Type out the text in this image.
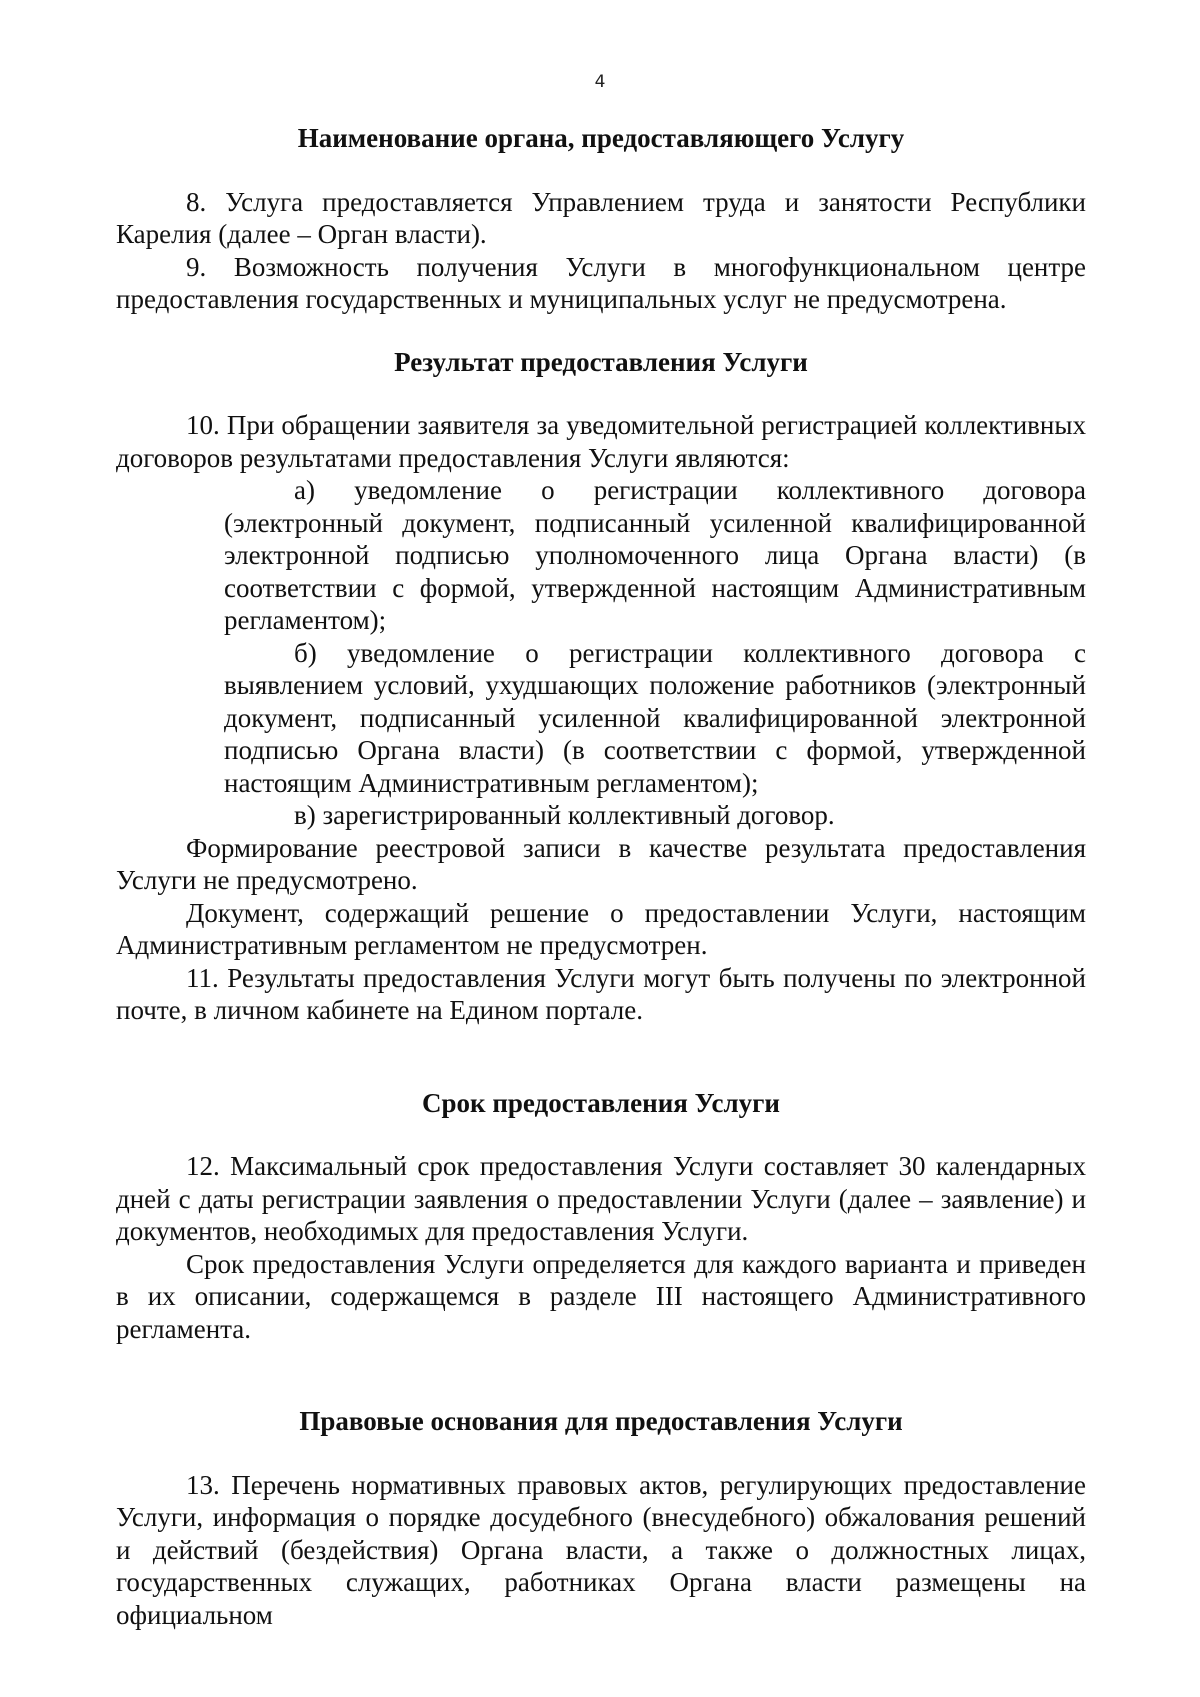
4
Наименование органа, предоставляющего Услугу

8. Услуга предоставляется Управлением труда и занятости Республики Карелия (далее – Орган власти).

9. Возможность получения Услуги в многофункциональном центре предоставления государственных и муниципальных услуг не предусмотрена.

Результат предоставления Услуги

10. При обращении заявителя за уведомительной регистрацией коллективных договоров результатами предоставления Услуги являются:

а) уведомление о регистрации коллективного договора (электронный документ, подписанный усиленной квалифицированной электронной подписью уполномоченного лица Органа власти) (в соответствии с формой, утвержденной настоящим Административным регламентом);

б) уведомление о регистрации коллективного договора с выявлением условий, ухудшающих положение работников (электронный документ, подписанный усиленной квалифицированной электронной подписью Органа власти) (в соответствии с формой, утвержденной настоящим Административным регламентом);

в) зарегистрированный коллективный договор.

Формирование реестровой записи в качестве результата предоставления Услуги не предусмотрено.

Документ, содержащий решение о предоставлении Услуги, настоящим Административным регламентом не предусмотрен.

11. Результаты предоставления Услуги могут быть получены по электронной почте, в личном кабинете на Едином портале.

Срок предоставления Услуги

12. Максимальный срок предоставления Услуги составляет 30 календарных дней с даты регистрации заявления о предоставлении Услуги (далее – заявление) и документов, необходимых для предоставления Услуги.

Срок предоставления Услуги определяется для каждого варианта и приведен в их описании, содержащемся в разделе III настоящего Административного регламента.

Правовые основания для предоставления Услуги

13. Перечень нормативных правовых актов, регулирующих предоставление Услуги, информация о порядке досудебного (внесудебного) обжалования решений и действий (бездействия) Органа власти, а также о должностных лицах, государственных служащих, работниках Органа власти размещены на официальном
